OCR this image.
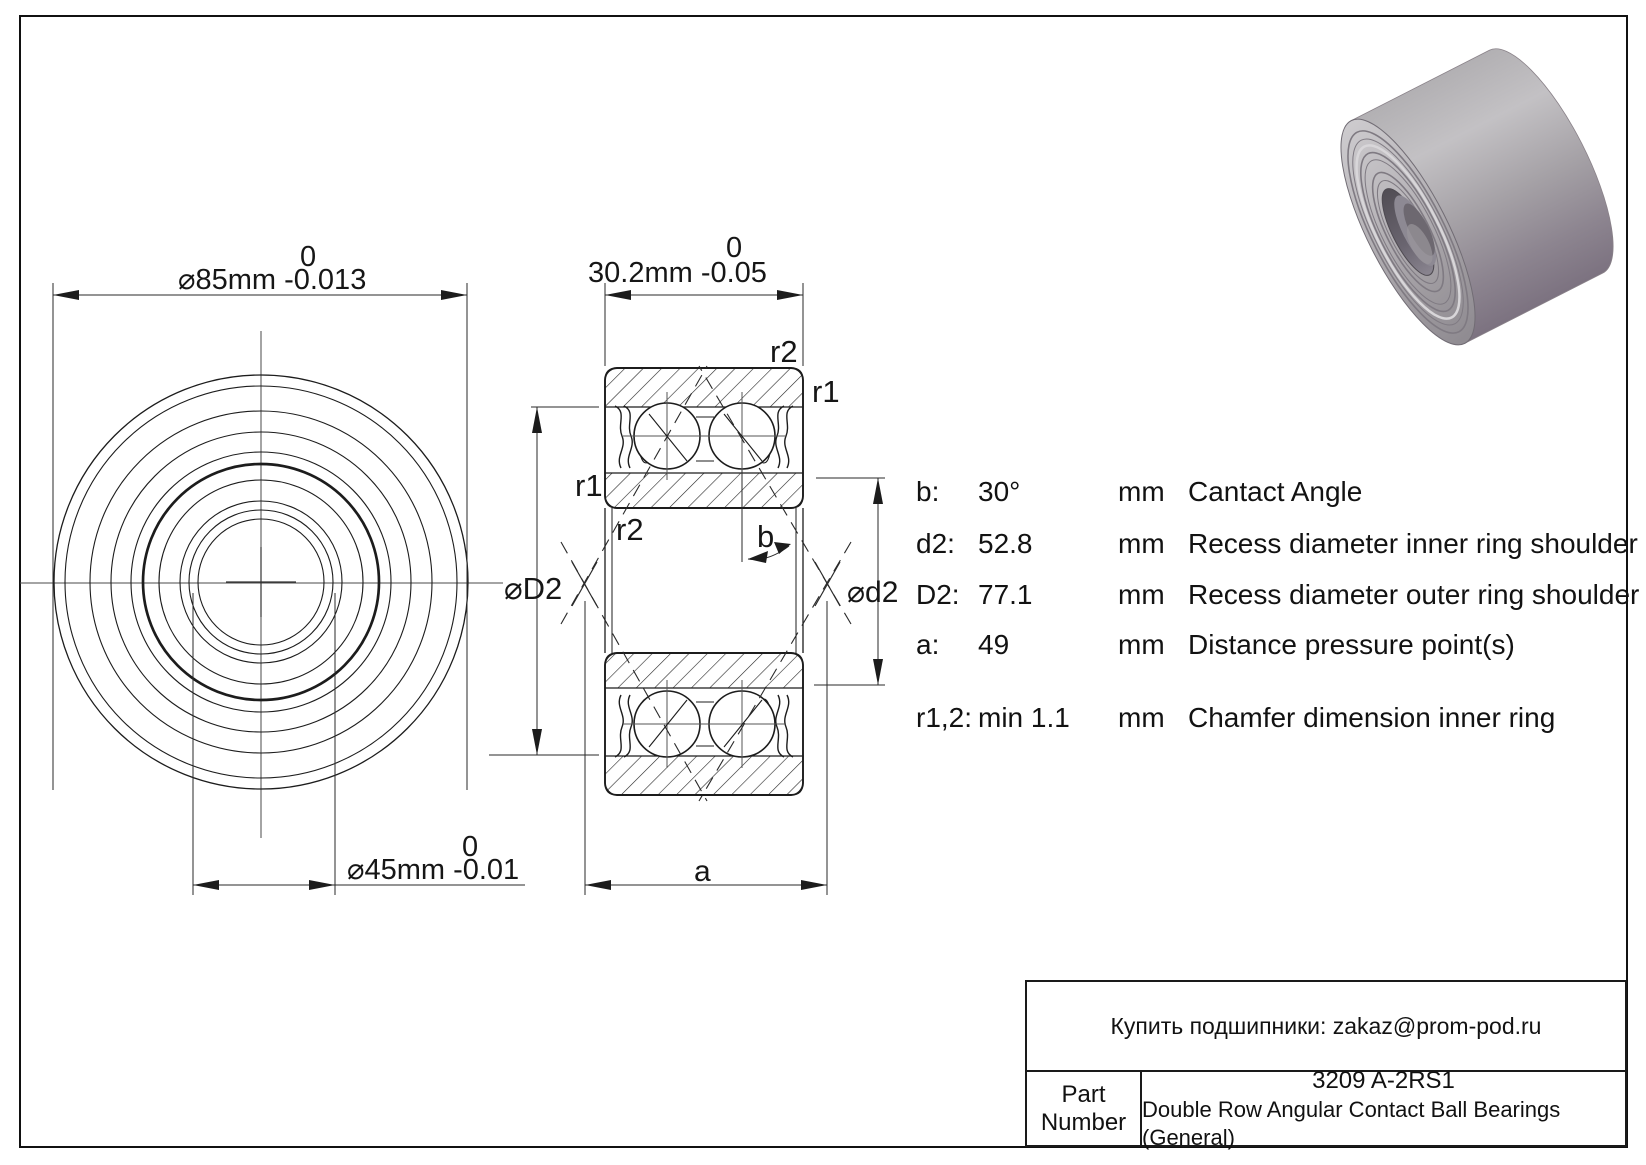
0
⌀85mm -0.013
0
⌀45mm -0.01
0
30.2mm -0.05
⌀D2	⌀d2
a
r2
r1
r1
r2	b
b: 30°	mm Cantact Angle
d2: 52.8	mm Recess diameter inner ring shoulder
D2: 77.1	mm Recess diameter outer ring shoulder
a: 49	mm Distance pressure point(s)
r1,2: min 1.1 mm Chamfer dimension inner ring
Купить подшипники: zakaz@prom-pod.ru
Part
Number
3209 A-2RS1
Double Row Angular Contact Ball Bearings (General)
